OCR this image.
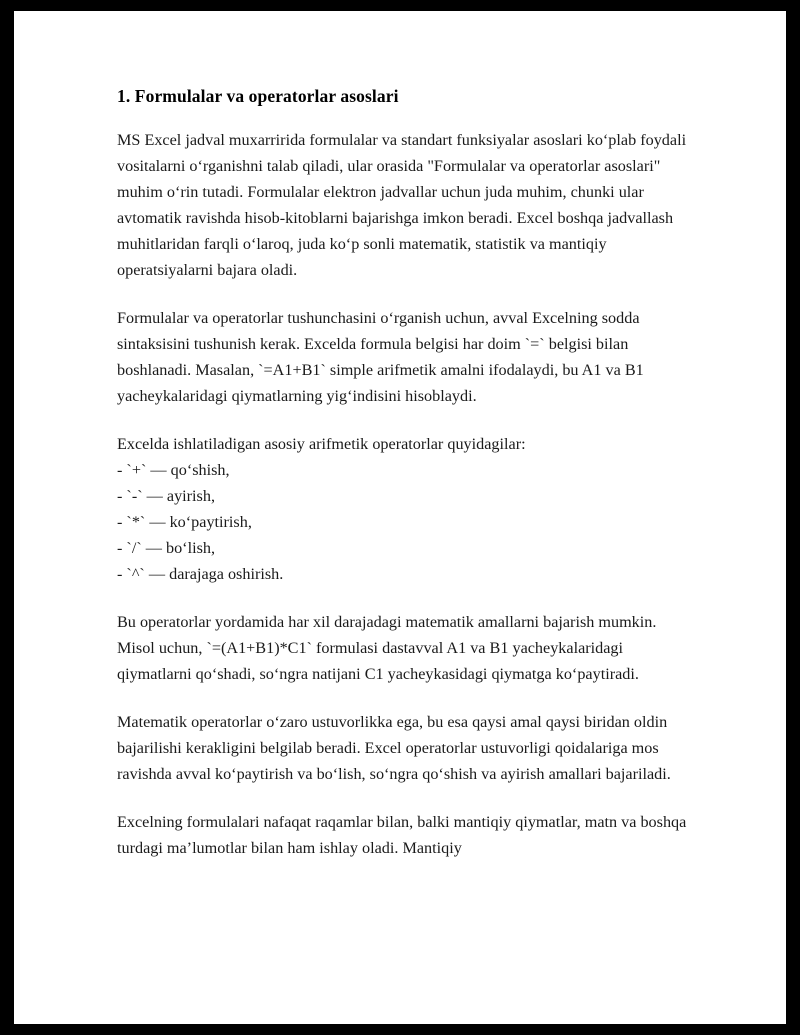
1. Formulalar va operatorlar asoslari

MS Excel jadval muxarririda formulalar va standart funksiyalar asoslari ko‘plab foydali vositalarni o‘rganishni talab qiladi, ular orasida "Formulalar va operatorlar asoslari" muhim o‘rin tutadi. Formulalar elektron jadvallar uchun juda muhim, chunki ular avtomatik ravishda hisob-kitoblarni bajarishga imkon beradi. Excel boshqa jadvallash muhitlaridan farqli o‘laroq, juda ko‘p sonli matematik, statistik va mantiqiy operatsiyalarni bajara oladi.

Formulalar va operatorlar tushunchasini o‘rganish uchun, avval Excelning sodda sintaksisini tushunish kerak. Excelda formula belgisi har doim `=` belgisi bilan boshlanadi. Masalan, `=A1+B1` simple arifmetik amalni ifodalaydi, bu A1 va B1 yacheykalaridagi qiymatlarning yig‘indisini hisoblaydi.

Excelda ishlatiladigan asosiy arifmetik operatorlar quyidagilar:

- `+` — qo‘shish,
- `-` — ayirish,
- `*` — ko‘paytirish,
- `/` — bo‘lish,
- `^` — darajaga oshirish.

Bu operatorlar yordamida har xil darajadagi matematik amallarni bajarish mumkin. Misol uchun, `=(A1+B1)*C1` formulasi dastavval A1 va B1 yacheykalaridagi qiymatlarni qo‘shadi, so‘ngra natijani C1 yacheykasidagi qiymatga ko‘paytiradi.

Matematik operatorlar o‘zaro ustuvorlikka ega, bu esa qaysi amal qaysi biridan oldin bajarilishi kerakligini belgilab beradi. Excel operatorlar ustuvorligi qoidalariga mos ravishda avval ko‘paytirish va bo‘lish, so‘ngra qo‘shish va ayirish amallari bajariladi.

Excelning formulalari nafaqat raqamlar bilan, balki mantiqiy qiymatlar, matn va boshqa turdagi ma’lumotlar bilan ham ishlay oladi. Mantiqiy
